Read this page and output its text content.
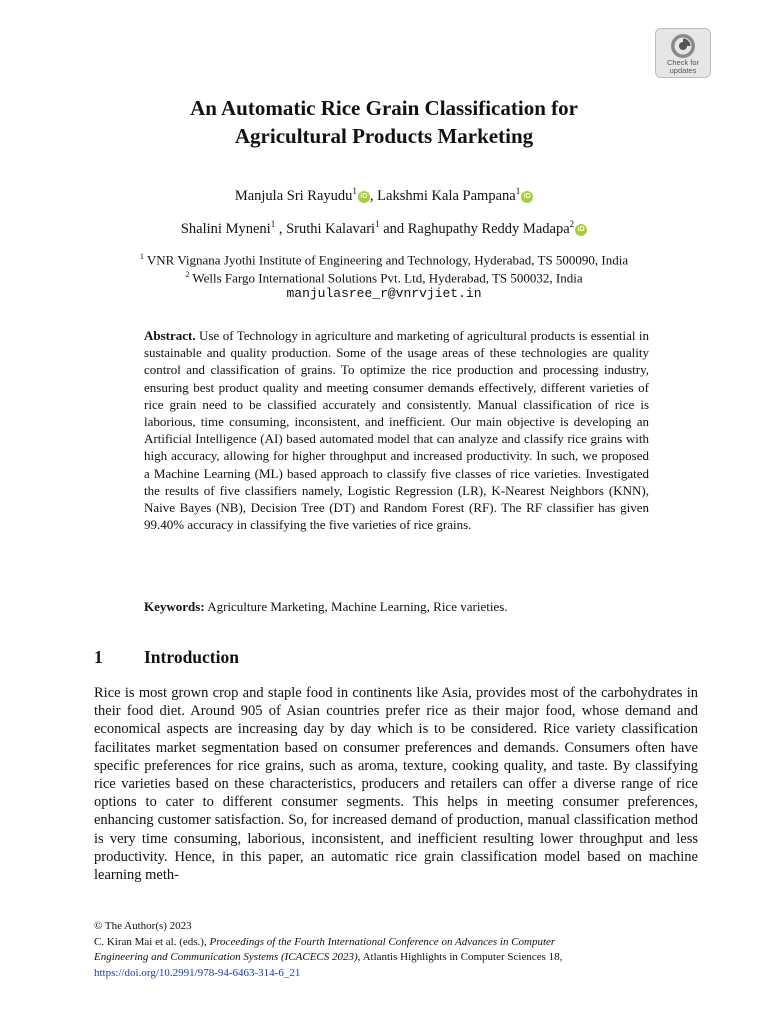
Check for
updates
An Automatic Rice Grain Classification for
Agricultural Products Marketing
Manjula Sri Rayudu$^1$iD , Lakshmi Kala Pampana$^1$iD
Shalini Myneni$^1$ , Sruthi Kalavari$^1$ and Raghupathy Reddy Madapa$^2$iD
$^1$ VNR Vignana Jyothi Institute of Engineering and Technology, Hyderabad, TS 500090, India
$^2$ Wells Fargo International Solutions Pvt. Ltd, Hyderabad, TS 500032, India
manjulasree_r@vnrvjiet.in
Abstract. Use of Technology in agriculture and marketing of agricultural products is essential in sustainable and quality production. Some of the usage areas of these technologies are quality control and classification of grains. To optimize the rice production and processing industry, ensuring best product quality and meeting consumer demands effectively, different varieties of rice grain need to be classified accurately and consistently. Manual classification of rice is laborious, time consuming, inconsistent, and inefficient. Our main objective is developing an Artificial Intelligence (AI) based automated model that can analyze and classify rice grains with high accuracy, allowing for higher throughput and increased productivity. In such, we proposed a Machine Learning (ML) based approach to classify five classes of rice varieties. Investigated the results of five classifiers namely, Logistic Regression (LR), K-Nearest Neighbors (KNN), Naive Bayes (NB), Decision Tree (DT) and Random Forest (RF). The RF classifier has given 99.40% accuracy in classifying the five varieties of rice grains.
Keywords: Agriculture Marketing, Machine Learning, Rice varieties.
1 Introduction
Rice is most grown crop and staple food in continents like Asia, provides most of the carbohydrates in their food diet. Around 905 of Asian countries prefer rice as their major food, whose demand and economical aspects are increasing day by day which is to be considered. Rice variety classification facilitates market segmentation based on consumer preferences and demands. Consumers often have specific preferences for rice grains, such as aroma, texture, cooking quality, and taste. By classifying rice varieties based on these characteristics, producers and retailers can offer a diverse range of rice options to cater to different consumer segments. This helps in meeting consumer preferences, enhancing customer satisfaction. So, for increased demand of production, manual classification method is very time consuming, laborious, inconsistent, and inefficient resulting lower throughput and less productivity. Hence, in this paper, an automatic rice grain classification model based on machine learning meth-
© The Author(s) 2023
C. Kiran Mai et al. (eds.), Proceedings of the Fourth International Conference on Advances in Computer
Engineering and Communication Systems (ICACECS 2023), Atlantis Highlights in Computer Sciences 18,
https://doi.org/10.2991/978-94-6463-314-6_21
